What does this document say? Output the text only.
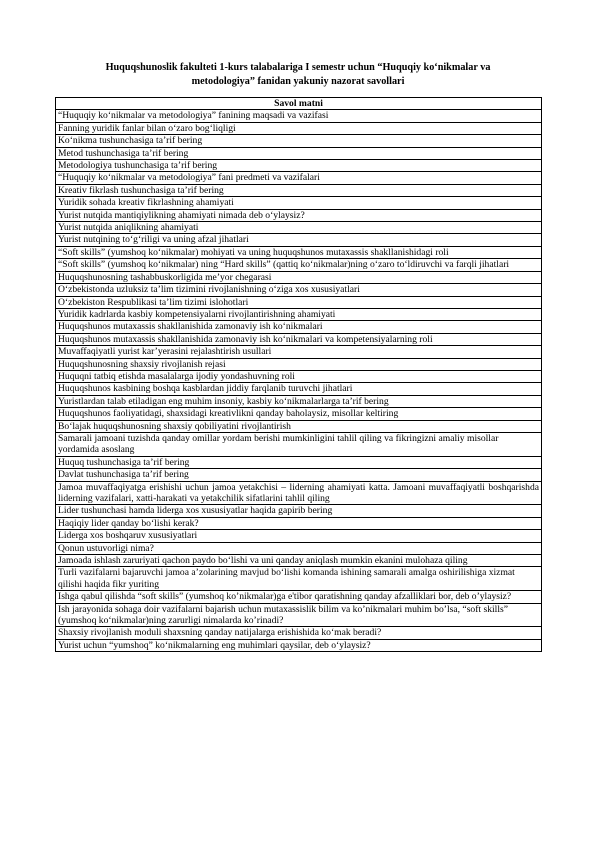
Huquqshunoslik fakulteti 1-kurs talabalariga I semestr uchun “Huquqiy ko‘nikmalar va
metodologiya” fanidan yakuniy nazorat savollari
Savol matni
“Huquqiy ko‘nikmalar va metodologiya” fanining maqsadi va vazifasi
Fanning yuridik fanlar bilan o‘zaro bog‘liqligi
Ko‘nikma tushunchasiga ta’rif bering
Metod tushunchasiga ta’rif bering
Metodologiya tushunchasiga ta’rif bering
“Huquqiy ko‘nikmalar va metodologiya” fani predmeti va vazifalari
Kreativ fikrlash tushunchasiga ta’rif bering
Yuridik sohada kreativ fikrlashning ahamiyati
Yurist nutqida mantiqiylikning ahamiyati nimada deb o‘ylaysiz?
Yurist nutqida aniqlikning ahamiyati
Yurist nutqining to‘g‘riligi va uning afzal jihatlari
“Soft skills” (yumshoq ko‘nikmalar) mohiyati va uning huquqshunos mutaxassis shakllanishidagi roli
“Soft skills” (yumshoq ko‘nikmalar) ning “Hard skills” (qattiq ko‘nikmalar)ning o‘zaro to‘ldiruvchi va farqli jihatlari
Huquqshunosning tashabbuskorligida me’yor chegarasi
O‘zbekistonda uzluksiz ta’lim tizimini rivojlanishning o‘ziga xos xususiyatlari
O‘zbekiston Respublikasi ta’lim tizimi islohotlari
Yuridik kadrlarda kasbiy kompetensiyalarni rivojlantirishning ahamiyati
Huquqshunos mutaxassis shakllanishida zamonaviy ish ko‘nikmalari
Huquqshunos mutaxassis shakllanishida zamonaviy ish ko‘nikmalari va kompetensiyalarning roli
Muvaffaqiyatli yurist kar’yerasini rejalashtirish usullari
Huquqshunosning shaxsiy rivojlanish rejasi
Huquqni tatbiq etishda masalalarga ijodiy yondashuvning roli
Huquqshunos kasbining boshqa kasblardan jiddiy farqlanib turuvchi jihatlari
Yuristlardan talab etiladigan eng muhim insoniy, kasbiy ko‘nikmalarlarga ta’rif bering
Huquqshunos faoliyatidagi, shaxsidagi kreativlikni qanday baholaysiz, misollar keltiring
Bo‘lajak huquqshunosning shaxsiy qobiliyatini rivojlantirish
Samarali jamoani tuzishda qanday omillar yordam berishi mumkinligini tahlil qiling va fikringizni amaliy misollar yordamida asoslang
Huquq tushunchasiga ta’rif bering
Davlat tushunchasiga ta’rif bering
Jamoa muvaffaqiyatga erishishi uchun jamoa yetakchisi – liderning ahamiyati katta. Jamoani muvaffaqiyatli boshqarishda liderning vazifalari, xatti-harakati va yetakchilik sifatlarini tahlil qiling
Lider tushunchasi hamda liderga xos xususiyatlar haqida gapirib bering
Haqiqiy lider qanday bo‘lishi kerak?
Liderga xos boshqaruv xususiyatlari
Qonun ustuvorligi nima?
Jamoada ishlash zaruriyati qachon paydo bo‘lishi va uni qanday aniqlash mumkin ekanini mulohaza qiling
Turli vazifalarni bajaruvchi jamoa a’zolarining mavjud bo‘lishi komanda ishining samarali amalga oshirilishiga xizmat qilishi haqida fikr yuriting
Ishga qabul qilishda “soft skills” (yumshoq ko’nikmalar)ga e'tibor qaratishning qanday afzalliklari bor, deb o’ylaysiz?
Ish jarayonida sohaga doir vazifalarni bajarish uchun mutaxassislik bilim va ko’nikmalari muhim bo’lsa, “soft skills” (yumshoq ko‘nikmalar)ning zarurligi nimalarda ko’rinadi?
Shaxsiy rivojlanish moduli shaxsning qanday natijalarga erishishida ko‘mak beradi?
Yurist uchun “yumshoq” ko‘nikmalarning eng muhimlari qaysilar, deb o‘ylaysiz?
